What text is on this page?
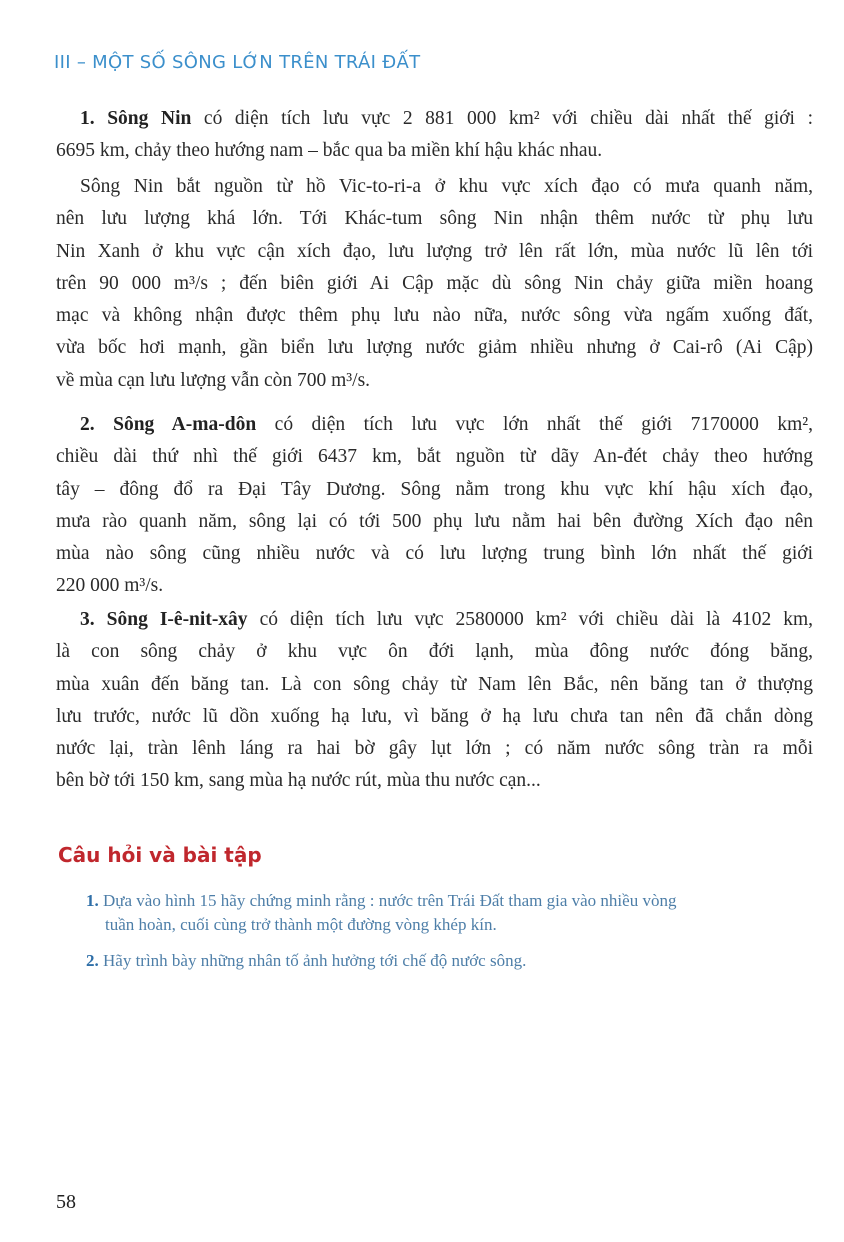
III – MỘT SỐ SÔNG LỚN TRÊN TRÁI ĐẤT
1. Sông Nin có diện tích lưu vực 2 881 000 km² với chiều dài nhất thế giới :
6695 km, chảy theo hướng nam – bắc qua ba miền khí hậu khác nhau.
Sông Nin bắt nguồn từ hồ Vic-to-ri-a ở khu vực xích đạo có mưa quanh năm,
nên lưu lượng khá lớn. Tới Khác-tum sông Nin nhận thêm nước từ phụ lưu
Nin Xanh ở khu vực cận xích đạo, lưu lượng trở lên rất lớn, mùa nước lũ lên tới
trên 90 000 m³/s ; đến biên giới Ai Cập mặc dù sông Nin chảy giữa miền hoang
mạc và không nhận được thêm phụ lưu nào nữa, nước sông vừa ngấm xuống đất,
vừa bốc hơi mạnh, gần biển lưu lượng nước giảm nhiều nhưng ở Cai-rô (Ai Cập)
về mùa cạn lưu lượng vẫn còn 700 m³/s.
2. Sông A-ma-dôn có diện tích lưu vực lớn nhất thế giới 7170000 km²,
chiều dài thứ nhì thế giới 6437 km, bắt nguồn từ dãy An-đét chảy theo hướng
tây – đông đổ ra Đại Tây Dương. Sông nằm trong khu vực khí hậu xích đạo,
mưa rào quanh năm, sông lại có tới 500 phụ lưu nằm hai bên đường Xích đạo nên
mùa nào sông cũng nhiều nước và có lưu lượng trung bình lớn nhất thế giới
220 000 m³/s.
3. Sông I-ê-nit-xây có diện tích lưu vực 2580000 km² với chiều dài là 4102 km,
là con sông chảy ở khu vực ôn đới lạnh, mùa đông nước đóng băng,
mùa xuân đến băng tan. Là con sông chảy từ Nam lên Bắc, nên băng tan ở thượng
lưu trước, nước lũ dồn xuống hạ lưu, vì băng ở hạ lưu chưa tan nên đã chắn dòng
nước lại, tràn lênh láng ra hai bờ gây lụt lớn ; có năm nước sông tràn ra mỗi
bên bờ tới 150 km, sang mùa hạ nước rút, mùa thu nước cạn...
Câu hỏi và bài tập
1. Dựa vào hình 15 hãy chứng minh rằng : nước trên Trái Đất tham gia vào nhiều vòng
tuần hoàn, cuối cùng trở thành một đường vòng khép kín.
2. Hãy trình bày những nhân tố ảnh hưởng tới chế độ nước sông.
58
